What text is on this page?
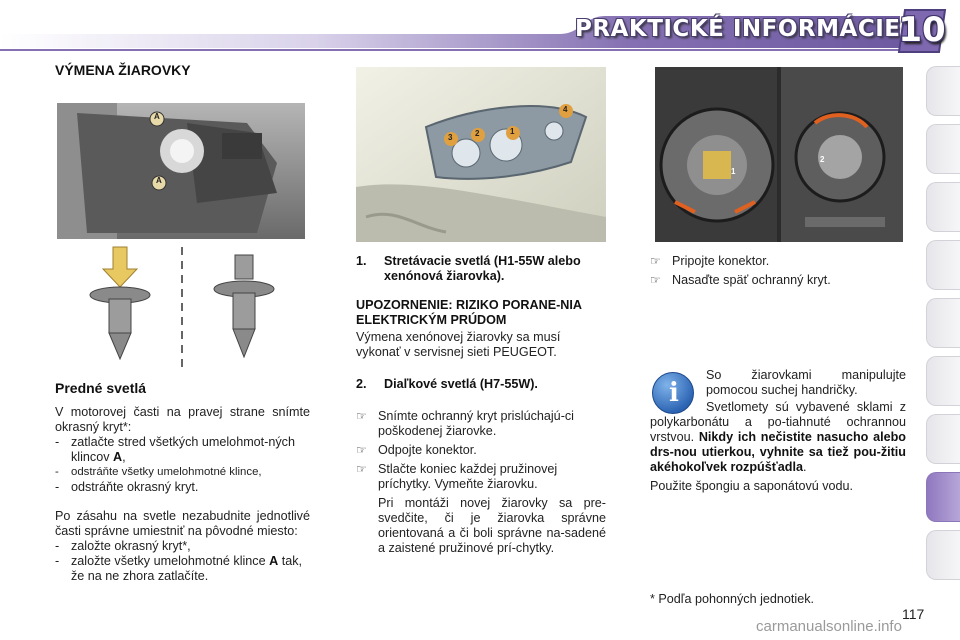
PRAKTICKÉ INFORMÁCIE
10
VÝMENA ŽIAROVKY
A
A
3	2	1
4
1
2
Predné svetlá
V motorovej časti na pravej strane snímte okrasný kryt*:
- zatlačte stred všetkých umelohmot-ných klincov A,
- odstráňte všetky umelohmotné klince,
- odstráňte okrasný kryt.
Po zásahu na svetle nezabudnite jednotlivé časti správne umiestniť na pôvodné miesto:
- založte okrasný kryt*,
- založte všetky umelohmotné klince A tak, že na ne zhora zatlačíte.
1. Stretávacie svetlá (H1-55W alebo xenónová žiarovka).
UPOZORNENIE: RIZIKO PORANE-NIA ELEKTRICKÝM PRÚDOM
Výmena xenónovej žiarovky sa musí vykonať v servisnej sieti PEUGEOT.
2. Diaľkové svetlá (H7-55W).
☞ Snímte ochranný kryt prislúchajú-ci poškodenej žiarovke.
☞ Odpojte konektor.
☞ Stlačte koniec každej pružinovej príchytky. Vymeňte žiarovku.
Pri montáži novej žiarovky sa pre-svedčite, či je žiarovka správne orientovaná a či boli správne na-sadené a zaistené pružinové prí-chytky.
☞ Pripojte konektor.
☞ Nasaďte späť ochranný kryt.
i
So žiarovkami manipulujte pomocou suchej handričky.
Svetlomety sú vybavené sklami z polykarbonátu a po-tiahnuté ochrannou vrstvou. Nikdy ich nečistite nasucho alebo drs-nou utierkou, vyhnite sa tiež pou-žitiu akéhokoľvek rozpúšťadla.
Použite špongiu a saponátovú vodu.
* Podľa pohonných jednotiek.
117
carmanualsonline.info
